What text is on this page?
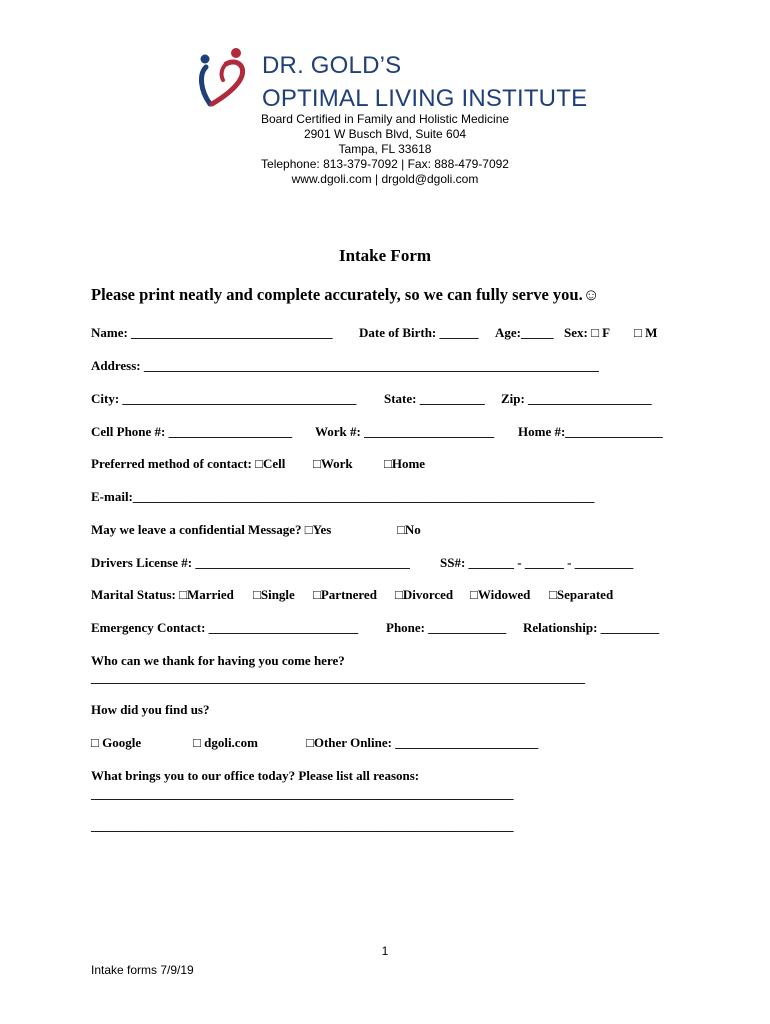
DR. GOLD’S
OPTIMAL LIVING INSTITUTE
Board Certified in Family and Holistic Medicine
2901 W Busch Blvd, Suite 604
Tampa, FL 33618
Telephone: 813-379-7092 | Fax: 888-479-7092
www.dgoli.com | drgold@dgoli.com
Intake Form
Please print neatly and complete accurately, so we can fully serve you.☺
Name: _______________________________ Date of Birth: ______ Age:_____ Sex: □ F □ M
Address: ______________________________________________________________________
City: ____________________________________ State: __________ Zip: ___________________
Cell Phone #: ___________________ Work #: ____________________ Home #:_______________
Preferred method of contact: □Cell □Work □Home
E-mail:_______________________________________________________________________
May we leave a confidential Message? □Yes	□No
Drivers License #: _________________________________ SS#: _______ - ______ - _________
Marital Status: □Married □Single □Partnered □Divorced □Widowed □Separated
Emergency Contact: _______________________ Phone: ____________ Relationship: _________
Who can we thank for having you come here?
____________________________________________________________________________
How did you find us?
□ Google	□ dgoli.com	□Other Online: ______________________
What brings you to our office today? Please list all reasons:
_________________________________________________________________
_________________________________________________________________
1
Intake forms 7/9/19
